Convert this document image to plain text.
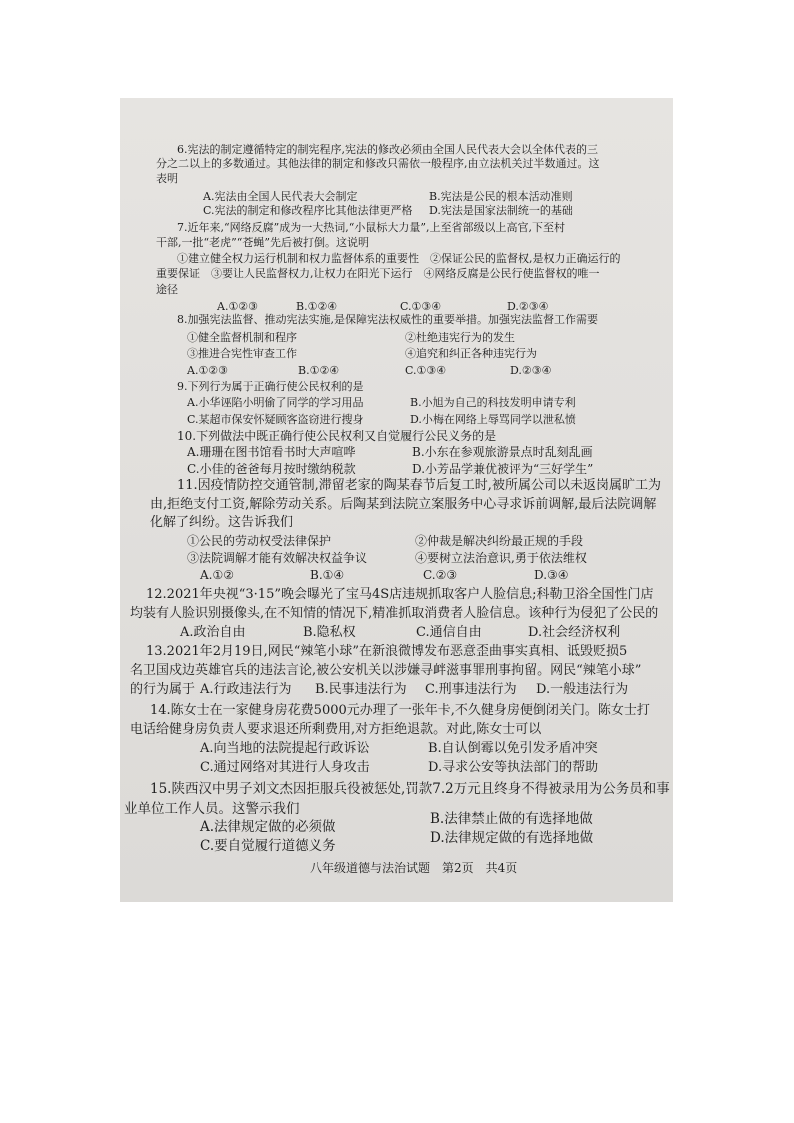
6.宪法的制定遵循特定的制宪程序,宪法的修改必须由全国人民代表大会以全体代表的三
分之二以上的多数通过。其他法律的制定和修改只需依一般程序,由立法机关过半数通过。这
表明
A.宪法由全国人民代表大会制定	B.宪法是公民的根本活动准则
C.宪法的制定和修改程序比其他法律更严格 D.宪法是国家法制统一的基础
7.近年来,“网络反腐”成为一大热词,“小鼠标大力量”,上至省部级以上高官,下至村
干部,一批“老虎”“苍蝇”先后被打倒。这说明
①建立健全权力运行机制和权力监督体系的重要性　②保证公民的监督权,是权力正确运行的
重要保证　③要让人民监督权力,让权力在阳光下运行　④网络反腐是公民行使监督权的唯一
途径
A.①②③	B.①②④	C.①③④	D.②③④
8.加强宪法监督、推动宪法实施,是保障宪法权威性的重要举措。加强宪法监督工作需要
①健全监督机制和程序	②杜绝违宪行为的发生
③推进合宪性审查工作	④追究和纠正各种违宪行为
A.①②③	B.①②④	C.①③④	D.②③④
9.下列行为属于正确行使公民权利的是
A.小华诬陷小明偷了同学的学习用品	B.小旭为自己的科技发明申请专利
C.某超市保安怀疑顾客盗窃进行搜身	D.小梅在网络上辱骂同学以泄私愤
10.下列做法中既正确行使公民权利又自觉履行公民义务的是
A.珊珊在图书馆看书时大声喧哗	B.小东在参观旅游景点时乱刻乱画
C.小佳的爸爸每月按时缴纳税款	D.小芳品学兼优被评为“三好学生”
11.因疫情防控交通管制,滞留老家的陶某春节后复工时,被所属公司以未返岗属旷工为
由,拒绝支付工资,解除劳动关系。后陶某到法院立案服务中心寻求诉前调解,最后法院调解
化解了纠纷。这告诉我们
①公民的劳动权受法律保护	②仲裁是解决纠纷最正规的手段
③法院调解才能有效解决权益争议	④要树立法治意识,勇于依法维权
A.①②	B.①④	C.②③	D.③④
12.2021年央视“3·15”晚会曝光了宝马4S店违规抓取客户人脸信息;科勒卫浴全国性门店
均装有人脸识别摄像头,在不知情的情况下,精准抓取消费者人脸信息。该种行为侵犯了公民的
A.政治自由	B.隐私权	C.通信自由	D.社会经济权利
13.2021年2月19日,网民“辣笔小球”在新浪微博发布恶意歪曲事实真相、诋毁贬损5
名卫国戍边英雄官兵的违法言论,被公安机关以涉嫌寻衅滋事罪刑事拘留。网民“辣笔小球”
的行为属于 A.行政违法行为 B.民事违法行为 C.刑事违法行为 D.一般违法行为
14.陈女士在一家健身房花费5000元办理了一张年卡,不久健身房便倒闭关门。陈女士打
电话给健身房负责人要求退还所剩费用,对方拒绝退款。对此,陈女士可以
A.向当地的法院提起行政诉讼	B.自认倒霉以免引发矛盾冲突
C.通过网络对其进行人身攻击	D.寻求公安等执法部门的帮助
15.陕西汉中男子刘文杰因拒服兵役被惩处,罚款7.2万元且终身不得被录用为公务员和事
业单位工作人员。这警示我们
A.法律规定做的必须做	B.法律禁止做的有选择地做
C.要自觉履行道德义务	D.法律规定做的有选择地做
八年级道德与法治试题　第2页　共4页
